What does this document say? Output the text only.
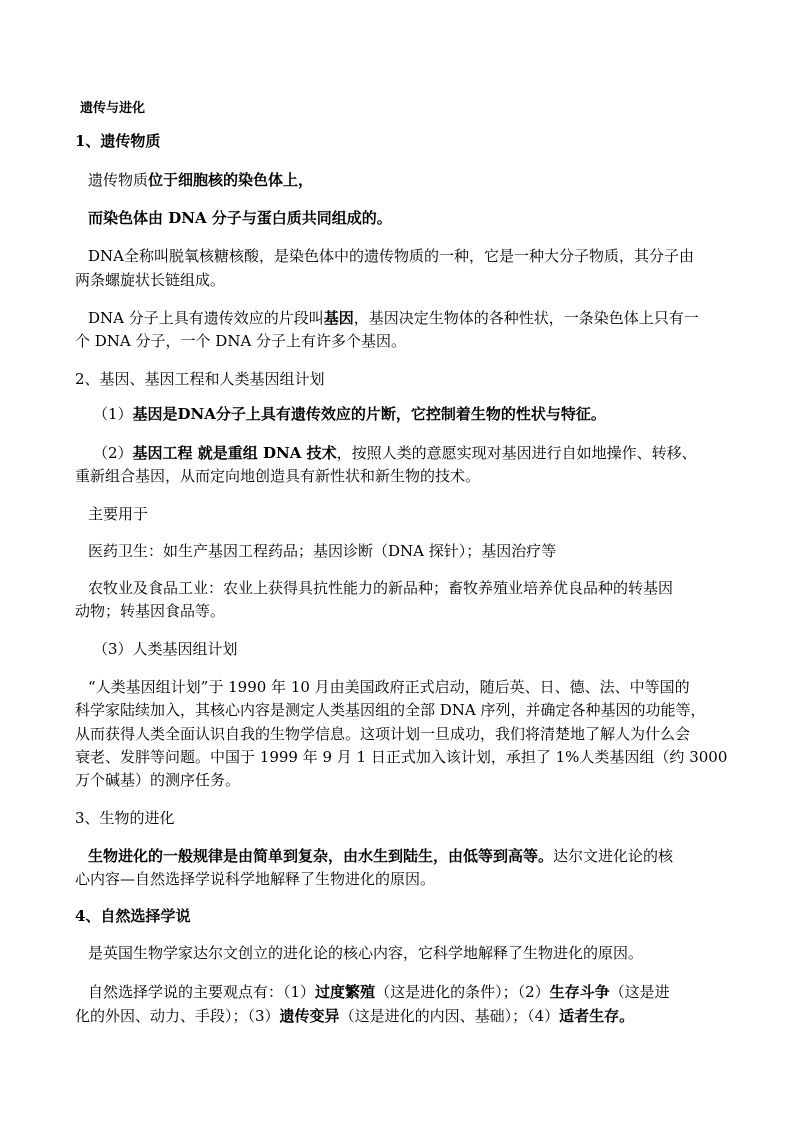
遗传与进化
1、遗传物质
遗传物质位于细胞核的染色体上，
而染色体由 DNA 分子与蛋白质共同组成的。
DNA全称叫脱氧核糖核酸，是染色体中的遗传物质的一种，它是一种大分子物质，其分子由
两条螺旋状长链组成。
DNA 分子上具有遗传效应的片段叫基因，基因决定生物体的各种性状，一条染色体上只有一
个 DNA 分子，一个 DNA 分子上有许多个基因。
2、基因、基因工程和人类基因组计划
（1）基因是DNA分子上具有遗传效应的片断，它控制着生物的性状与特征。
（2）基因工程 就是重组 DNA 技术，按照人类的意愿实现对基因进行自如地操作、转移、
重新组合基因，从而定向地创造具有新性状和新生物的技术。
主要用于
医药卫生：如生产基因工程药品；基因诊断（DNA 探针）；基因治疗等
农牧业及食品工业：农业上获得具抗性能力的新品种；畜牧养殖业培养优良品种的转基因
动物；转基因食品等。
（3）人类基因组计划
“人类基因组计划”于 1990 年 10 月由美国政府正式启动，随后英、日、德、法、中等国的
科学家陆续加入，其核心内容是测定人类基因组的全部 DNA 序列，并确定各种基因的功能等，
从而获得人类全面认识自我的生物学信息。这项计划一旦成功，我们将清楚地了解人为什么会
衰老、发胖等问题。中国于 1999 年 9 月 1 日正式加入该计划，承担了 1%人类基因组（约 3000
万个碱基）的测序任务。
3、生物的进化
生物进化的一般规律是由简单到复杂，由水生到陆生，由低等到高等。达尔文进化论的核
心内容—自然选择学说科学地解释了生物进化的原因。
4、自然选择学说
是英国生物学家达尔文创立的进化论的核心内容，它科学地解释了生物进化的原因。
自然选择学说的主要观点有：（1）过度繁殖（这是进化的条件）；（2）生存斗争（这是进
化的外因、动力、手段）；（3）遗传变异（这是进化的内因、基础）；（4）适者生存。
